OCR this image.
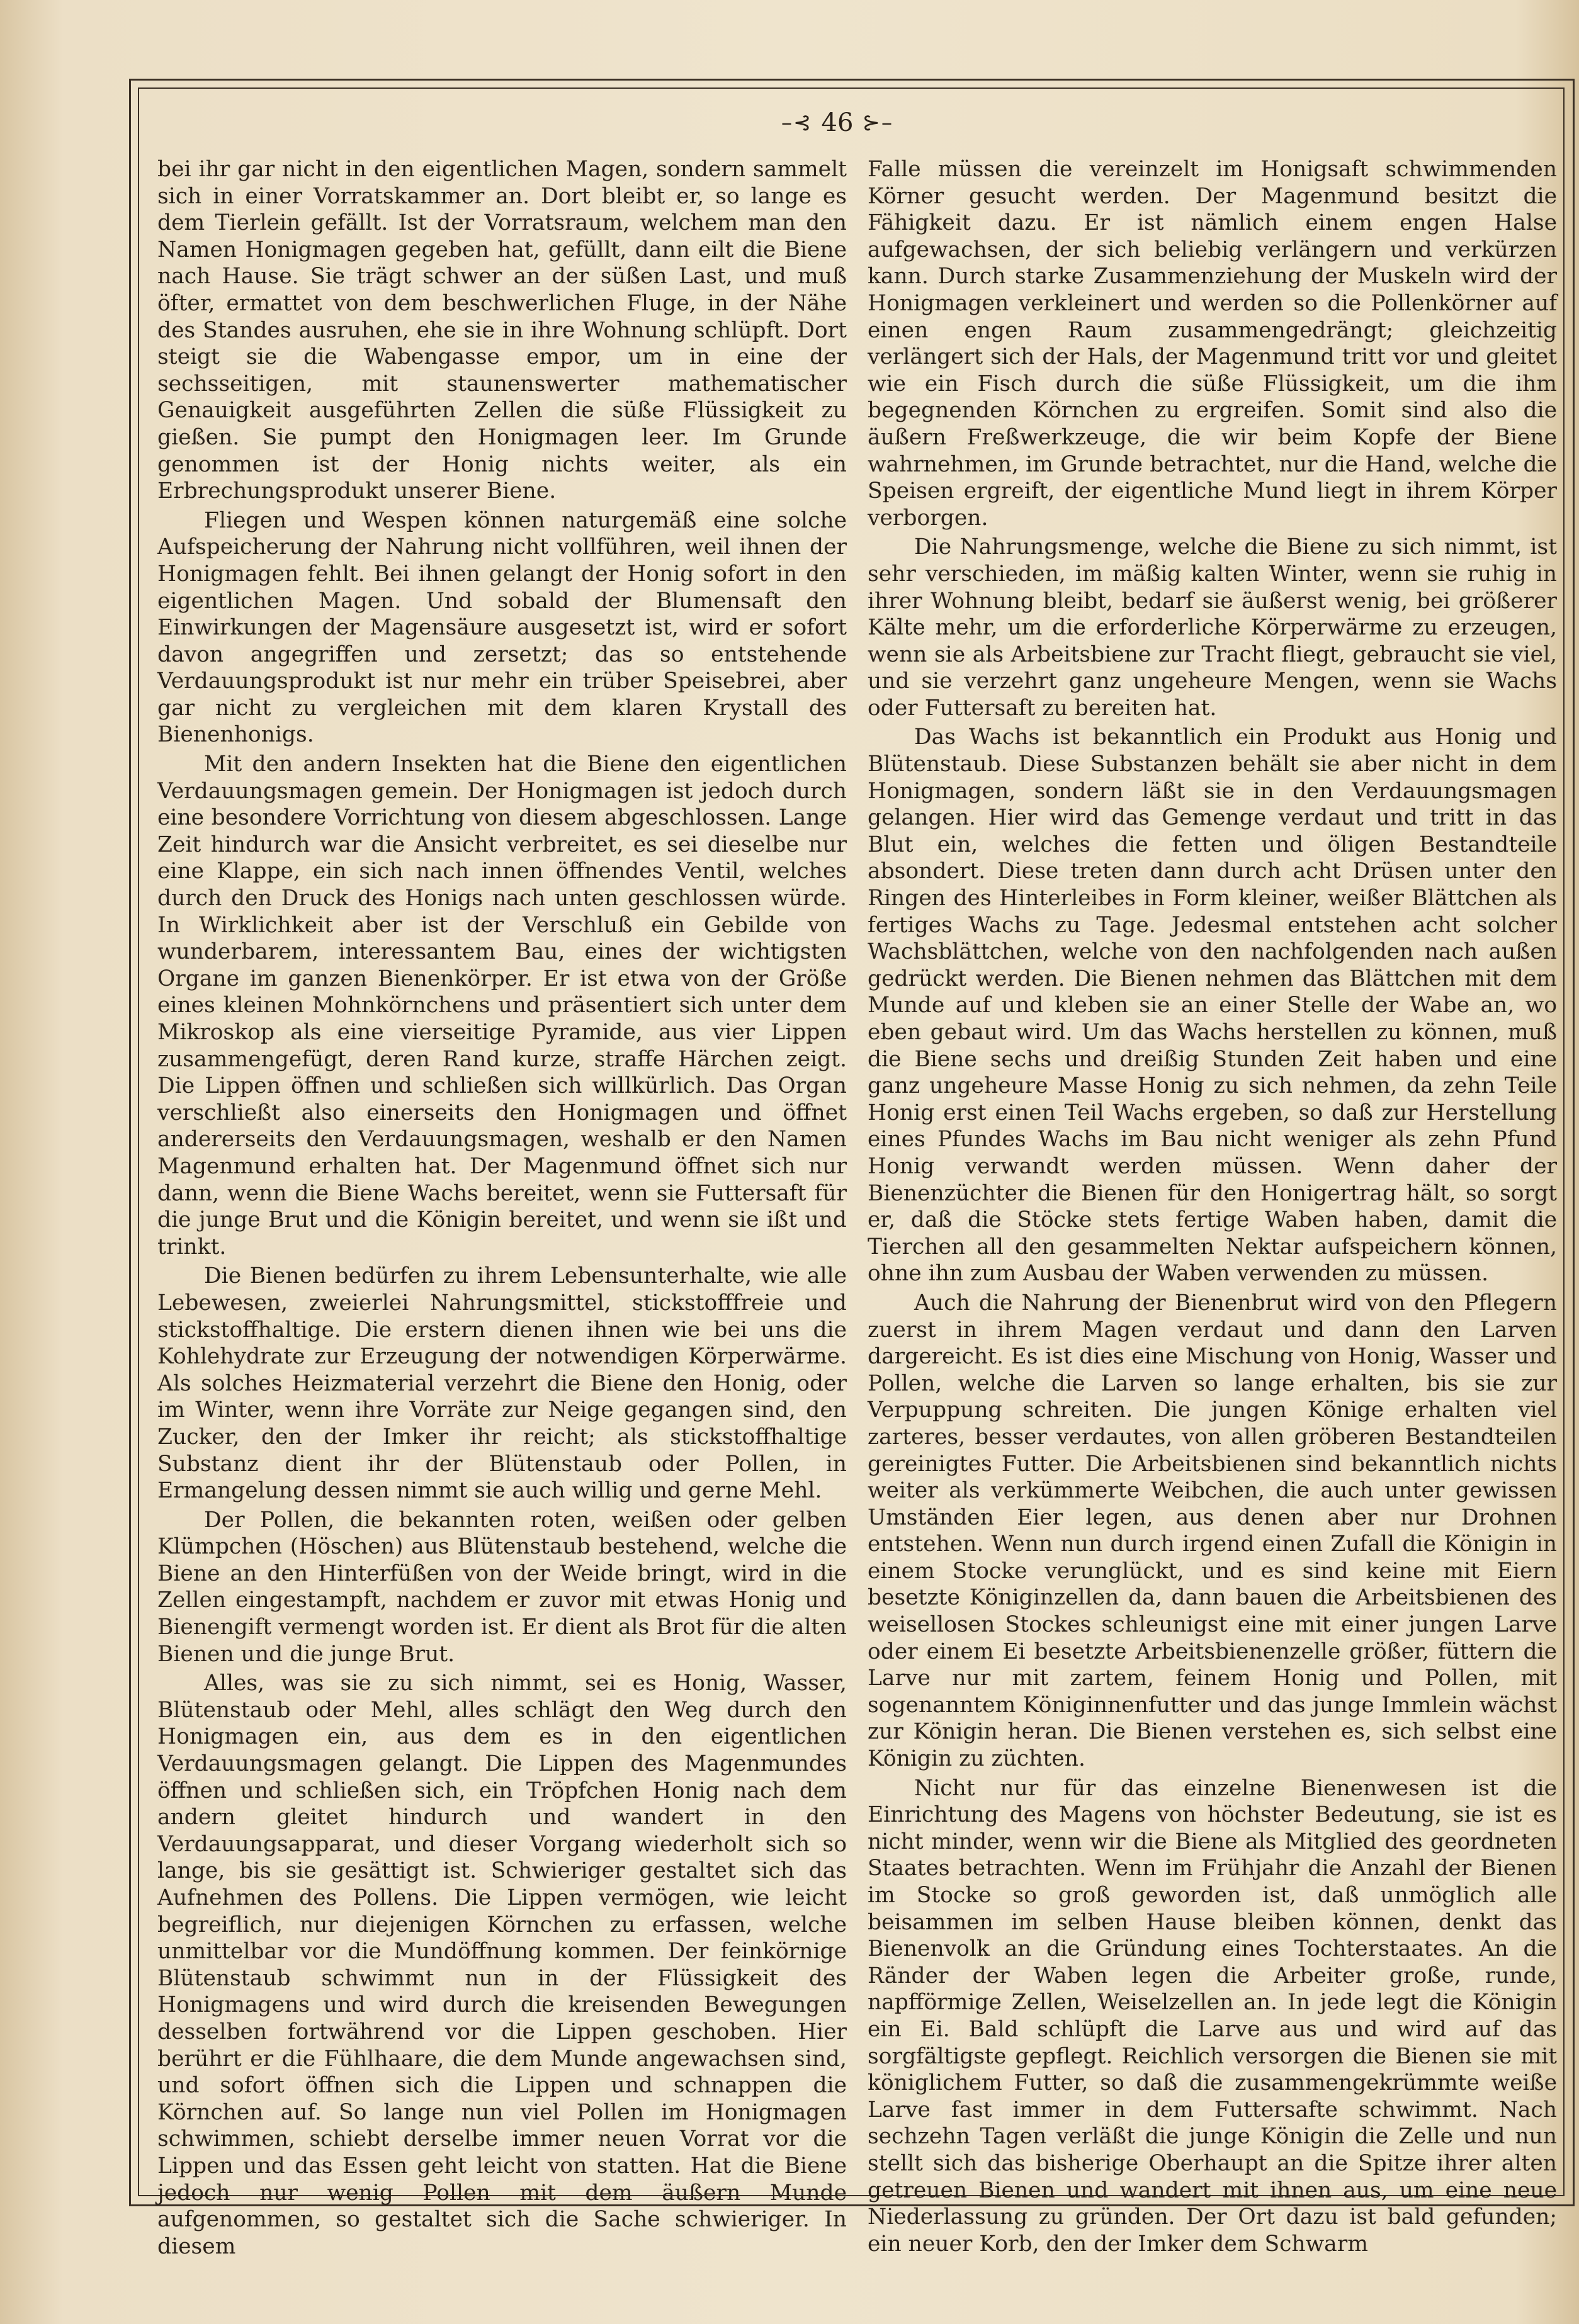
–⊰ 46 ⊱–

bei ihr gar nicht in den eigentlichen Magen, sondern sammelt sich in einer Vorratskammer an. Dort bleibt er, so lange es dem Tierlein gefällt. Ist der Vorratsraum, welchem man den Namen Honigmagen gegeben hat, gefüllt, dann eilt die Biene nach Hause. Sie trägt schwer an der süßen Last, und muß öfter, ermattet von dem beschwerlichen Fluge, in der Nähe des Standes ausruhen, ehe sie in ihre Wohnung schlüpft. Dort steigt sie die Wabengasse empor, um in eine der sechsseitigen, mit staunenswerter mathematischer Genauigkeit ausgeführten Zellen die süße Flüssigkeit zu gießen. Sie pumpt den Honigmagen leer. Im Grunde genommen ist der Honig nichts weiter, als ein Erbrechungsprodukt unserer Biene.

Fliegen und Wespen können naturgemäß eine solche Aufspeicherung der Nahrung nicht vollführen, weil ihnen der Honigmagen fehlt. Bei ihnen gelangt der Honig sofort in den eigentlichen Magen. Und sobald der Blumensaft den Einwirkungen der Magensäure ausgesetzt ist, wird er sofort davon angegriffen und zersetzt; das so entstehende Verdauungsprodukt ist nur mehr ein trüber Speisebrei, aber gar nicht zu vergleichen mit dem klaren Krystall des Bienenhonigs.

Mit den andern Insekten hat die Biene den eigentlichen Verdauungsmagen gemein. Der Honigmagen ist jedoch durch eine besondere Vorrichtung von diesem abgeschlossen. Lange Zeit hindurch war die Ansicht verbreitet, es sei dieselbe nur eine Klappe, ein sich nach innen öffnendes Ventil, welches durch den Druck des Honigs nach unten geschlossen würde. In Wirklichkeit aber ist der Verschluß ein Gebilde von wunderbarem, interessantem Bau, eines der wichtigsten Organe im ganzen Bienenkörper. Er ist etwa von der Größe eines kleinen Mohnkörnchens und präsentiert sich unter dem Mikroskop als eine vierseitige Pyramide, aus vier Lippen zusammengefügt, deren Rand kurze, straffe Härchen zeigt. Die Lippen öffnen und schließen sich willkürlich. Das Organ verschließt also einerseits den Honigmagen und öffnet andererseits den Verdauungsmagen, weshalb er den Namen Magenmund erhalten hat. Der Magenmund öffnet sich nur dann, wenn die Biene Wachs bereitet, wenn sie Futtersaft für die junge Brut und die Königin bereitet, und wenn sie ißt und trinkt.

Die Bienen bedürfen zu ihrem Lebensunterhalte, wie alle Lebewesen, zweierlei Nahrungsmittel, stickstofffreie und stickstoffhaltige. Die erstern dienen ihnen wie bei uns die Kohlehydrate zur Erzeugung der notwendigen Körperwärme. Als solches Heizmaterial verzehrt die Biene den Honig, oder im Winter, wenn ihre Vorräte zur Neige gegangen sind, den Zucker, den der Imker ihr reicht; als stickstoffhaltige Substanz dient ihr der Blütenstaub oder Pollen, in Ermangelung dessen nimmt sie auch willig und gerne Mehl.

Der Pollen, die bekannten roten, weißen oder gelben Klümpchen (Höschen) aus Blütenstaub bestehend, welche die Biene an den Hinterfüßen von der Weide bringt, wird in die Zellen eingestampft, nachdem er zuvor mit etwas Honig und Bienengift vermengt worden ist. Er dient als Brot für die alten Bienen und die junge Brut.

Alles, was sie zu sich nimmt, sei es Honig, Wasser, Blütenstaub oder Mehl, alles schlägt den Weg durch den Honigmagen ein, aus dem es in den eigentlichen Verdauungsmagen gelangt. Die Lippen des Magenmundes öffnen und schließen sich, ein Tröpfchen Honig nach dem andern gleitet hindurch und wandert in den Verdauungsapparat, und dieser Vorgang wiederholt sich so lange, bis sie gesättigt ist. Schwieriger gestaltet sich das Aufnehmen des Pollens. Die Lippen vermögen, wie leicht begreiflich, nur diejenigen Körnchen zu erfassen, welche unmittelbar vor die Mundöffnung kommen. Der feinkörnige Blütenstaub schwimmt nun in der Flüssigkeit des Honigmagens und wird durch die kreisenden Bewegungen desselben fortwährend vor die Lippen geschoben. Hier berührt er die Fühlhaare, die dem Munde angewachsen sind, und sofort öffnen sich die Lippen und schnappen die Körnchen auf. So lange nun viel Pollen im Honigmagen schwimmen, schiebt derselbe immer neuen Vorrat vor die Lippen und das Essen geht leicht von statten. Hat die Biene jedoch nur wenig Pollen mit dem äußern Munde aufgenommen, so gestaltet sich die Sache schwieriger. In diesem

Falle müssen die vereinzelt im Honigsaft schwimmenden Körner gesucht werden. Der Magenmund besitzt die Fähigkeit dazu. Er ist nämlich einem engen Halse aufgewachsen, der sich beliebig verlängern und verkürzen kann. Durch starke Zusammenziehung der Muskeln wird der Honigmagen verkleinert und werden so die Pollenkörner auf einen engen Raum zusammengedrängt; gleichzeitig verlängert sich der Hals, der Magenmund tritt vor und gleitet wie ein Fisch durch die süße Flüssigkeit, um die ihm begegnenden Körnchen zu ergreifen. Somit sind also die äußern Freßwerkzeuge, die wir beim Kopfe der Biene wahrnehmen, im Grunde betrachtet, nur die Hand, welche die Speisen ergreift, der eigentliche Mund liegt in ihrem Körper verborgen.

Die Nahrungsmenge, welche die Biene zu sich nimmt, ist sehr verschieden, im mäßig kalten Winter, wenn sie ruhig in ihrer Wohnung bleibt, bedarf sie äußerst wenig, bei größerer Kälte mehr, um die erforderliche Körperwärme zu erzeugen, wenn sie als Arbeitsbiene zur Tracht fliegt, gebraucht sie viel, und sie verzehrt ganz ungeheure Mengen, wenn sie Wachs oder Futtersaft zu bereiten hat.

Das Wachs ist bekanntlich ein Produkt aus Honig und Blütenstaub. Diese Substanzen behält sie aber nicht in dem Honigmagen, sondern läßt sie in den Verdauungsmagen gelangen. Hier wird das Gemenge verdaut und tritt in das Blut ein, welches die fetten und öligen Bestandteile absondert. Diese treten dann durch acht Drüsen unter den Ringen des Hinterleibes in Form kleiner, weißer Blättchen als fertiges Wachs zu Tage. Jedesmal entstehen acht solcher Wachsblättchen, welche von den nachfolgenden nach außen gedrückt werden. Die Bienen nehmen das Blättchen mit dem Munde auf und kleben sie an einer Stelle der Wabe an, wo eben gebaut wird. Um das Wachs herstellen zu können, muß die Biene sechs und dreißig Stunden Zeit haben und eine ganz ungeheure Masse Honig zu sich nehmen, da zehn Teile Honig erst einen Teil Wachs ergeben, so daß zur Herstellung eines Pfundes Wachs im Bau nicht weniger als zehn Pfund Honig verwandt werden müssen. Wenn daher der Bienenzüchter die Bienen für den Honigertrag hält, so sorgt er, daß die Stöcke stets fertige Waben haben, damit die Tierchen all den gesammelten Nektar aufspeichern können, ohne ihn zum Ausbau der Waben verwenden zu müssen.

Auch die Nahrung der Bienenbrut wird von den Pflegern zuerst in ihrem Magen verdaut und dann den Larven dargereicht. Es ist dies eine Mischung von Honig, Wasser und Pollen, welche die Larven so lange erhalten, bis sie zur Verpuppung schreiten. Die jungen Könige erhalten viel zarteres, besser verdautes, von allen gröberen Bestandteilen gereinigtes Futter. Die Arbeitsbienen sind bekanntlich nichts weiter als verkümmerte Weibchen, die auch unter gewissen Umständen Eier legen, aus denen aber nur Drohnen entstehen. Wenn nun durch irgend einen Zufall die Königin in einem Stocke verunglückt, und es sind keine mit Eiern besetzte Königinzellen da, dann bauen die Arbeitsbienen des weisellosen Stockes schleunigst eine mit einer jungen Larve oder einem Ei besetzte Arbeitsbienenzelle größer, füttern die Larve nur mit zartem, feinem Honig und Pollen, mit sogenanntem Königinnenfutter und das junge Immlein wächst zur Königin heran. Die Bienen verstehen es, sich selbst eine Königin zu züchten.

Nicht nur für das einzelne Bienenwesen ist die Einrichtung des Magens von höchster Bedeutung, sie ist es nicht minder, wenn wir die Biene als Mitglied des geordneten Staates betrachten. Wenn im Frühjahr die Anzahl der Bienen im Stocke so groß geworden ist, daß unmöglich alle beisammen im selben Hause bleiben können, denkt das Bienenvolk an die Gründung eines Tochterstaates. An die Ränder der Waben legen die Arbeiter große, runde, napfförmige Zellen, Weiselzellen an. In jede legt die Königin ein Ei. Bald schlüpft die Larve aus und wird auf das sorgfältigste gepflegt. Reichlich versorgen die Bienen sie mit königlichem Futter, so daß die zusammengekrümmte weiße Larve fast immer in dem Futtersafte schwimmt. Nach sechzehn Tagen verläßt die junge Königin die Zelle und nun stellt sich das bisherige Oberhaupt an die Spitze ihrer alten getreuen Bienen und wandert mit ihnen aus, um eine neue Niederlassung zu gründen. Der Ort dazu ist bald gefunden; ein neuer Korb, den der Imker dem Schwarm
